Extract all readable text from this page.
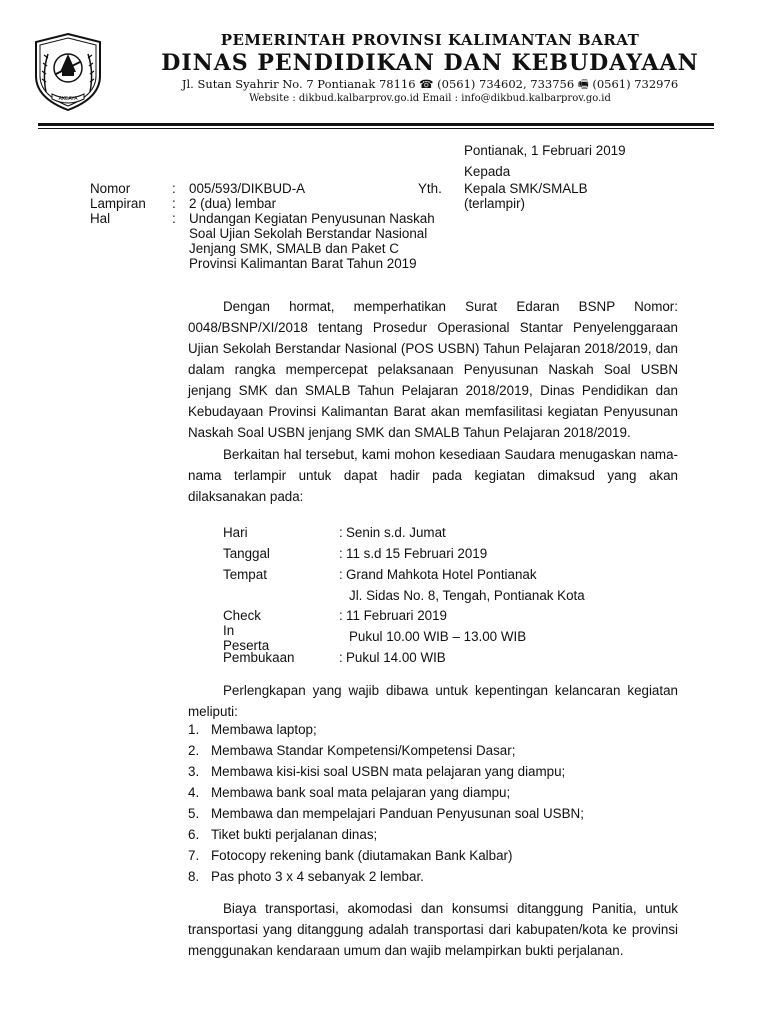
AKCAYA
PEMERINTAH PROVINSI KALIMANTAN BARAT
DINAS PENDIDIKAN DAN KEBUDAYAAN
Jl. Sutan Syahrir No. 7 Pontianak 78116 ☎ (0561) 734602, 733756 🖷 (0561) 732976
Website : dikbud.kalbarprov.go.id Email : info@dikbud.kalbarprov.go.id
Pontianak, 1 Februari 2019
Kepada
Yth. Kepala SMK/SMALB
(terlampir)
Nomor	: 005/593/DIKBUD-A
Lampiran : 2 (dua) lembar
Hal	: Undangan Kegiatan Penyusunan Naskah
Soal Ujian Sekolah Berstandar Nasional
Jenjang SMK, SMALB dan Paket C
Provinsi Kalimantan Barat Tahun 2019

Dengan hormat, memperhatikan Surat Edaran BSNP Nomor: 0048/BSNP/XI/2018 tentang Prosedur Operasional Stantar Penyelenggaraan Ujian Sekolah Berstandar Nasional (POS USBN) Tahun Pelajaran 2018/2019, dan dalam rangka mempercepat pelaksanaan Penyusunan Naskah Soal USBN jenjang SMK dan SMALB Tahun Pelajaran 2018/2019, Dinas Pendidikan dan Kebudayaan Provinsi Kalimantan Barat akan memfasilitasi kegiatan Penyusunan Naskah Soal USBN jenjang SMK dan SMALB Tahun Pelajaran 2018/2019.

Berkaitan hal tersebut, kami mohon kesediaan Saudara menugaskan nama-nama terlampir untuk dapat hadir pada kegiatan dimaksud yang akan dilaksanakan pada:

Hari	: Senin s.d. Jumat
Tanggal	: 11 s.d 15 Februari 2019
Tempat	: Grand Mahkota Hotel Pontianak
Jl. Sidas No. 8, Tengah, Pontianak Kota
Check In Peserta
: 11 Februari 2019
Pukul 10.00 WIB – 13.00 WIB
Pembukaan	: Pukul 14.00 WIB

Perlengkapan yang wajib dibawa untuk kepentingan kelancaran kegiatan meliputi:

1. Membawa laptop;
2. Membawa Standar Kompetensi/Kompetensi Dasar;
3. Membawa kisi-kisi soal USBN mata pelajaran yang diampu;
4. Membawa bank soal mata pelajaran yang diampu;
5. Membawa dan mempelajari Panduan Penyusunan soal USBN;
6. Tiket bukti perjalanan dinas;
7. Fotocopy rekening bank (diutamakan Bank Kalbar)
8. Pas photo 3 x 4 sebanyak 2 lembar.

Biaya transportasi, akomodasi dan konsumsi ditanggung Panitia, untuk transportasi yang ditanggung adalah transportasi dari kabupaten/kota ke provinsi menggunakan kendaraan umum dan wajib melampirkan bukti perjalanan.
